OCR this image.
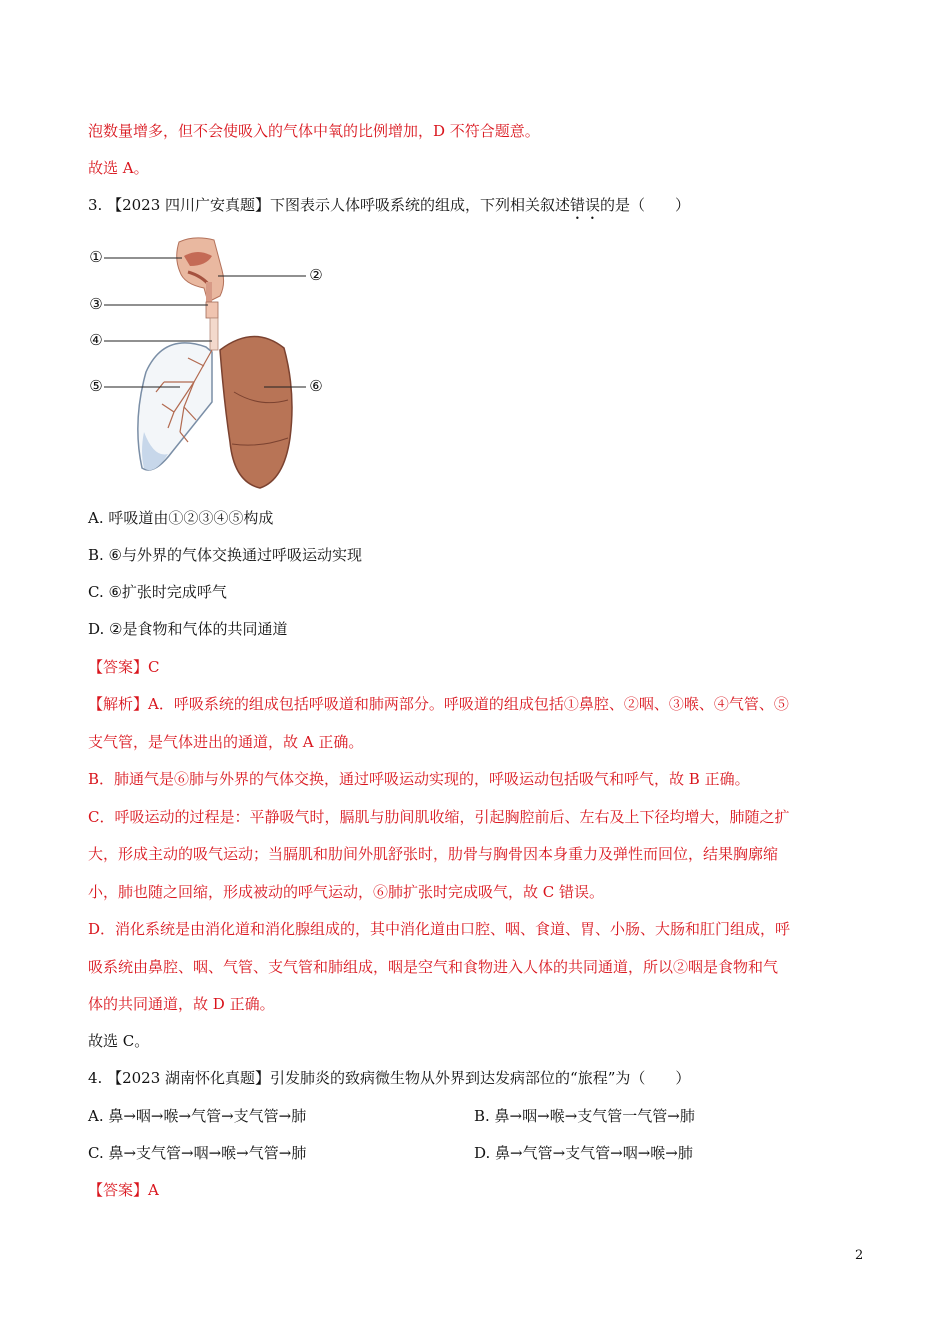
泡数量增多，但不会使吸入的气体中氧的比例增加，D 不符合题意。
故选 A。
3. 【2023 四川广安真题】下图表示人体呼吸系统的组成，下列相关叙述错误的是（　　）
①
②
③
④
⑤	⑥
A. 呼吸道由①②③④⑤构成
B. ⑥与外界的气体交换通过呼吸运动实现
C. ⑥扩张时完成呼气
D. ②是食物和气体的共同通道
【答案】C
【解析】A．呼吸系统的组成包括呼吸道和肺两部分。呼吸道的组成包括①鼻腔、②咽、③喉、④气管、⑤
支气管，是气体进出的通道，故 A 正确。
B．肺通气是⑥肺与外界的气体交换，通过呼吸运动实现的，呼吸运动包括吸气和呼气，故 B 正确。
C．呼吸运动的过程是：平静吸气时，膈肌与肋间肌收缩，引起胸腔前后、左右及上下径均增大，肺随之扩
大，形成主动的吸气运动；当膈肌和肋间外肌舒张时，肋骨与胸骨因本身重力及弹性而回位，结果胸廓缩
小，肺也随之回缩，形成被动的呼气运动，⑥肺扩张时完成吸气，故 C 错误。
D．消化系统是由消化道和消化腺组成的，其中消化道由口腔、咽、食道、胃、小肠、大肠和肛门组成，呼
吸系统由鼻腔、咽、气管、支气管和肺组成，咽是空气和食物进入人体的共同通道，所以②咽是食物和气
体的共同通道，故 D 正确。
故选 C。
4. 【2023 湖南怀化真题】引发肺炎的致病微生物从外界到达发病部位的“旅程”为（　　）
A. 鼻→咽→喉→气管→支气管→肺	B. 鼻→咽→喉→支气管一气管→肺
C. 鼻→支气管→咽→喉→气管→肺	D. 鼻→气管→支气管→咽→喉→肺
【答案】A
2
